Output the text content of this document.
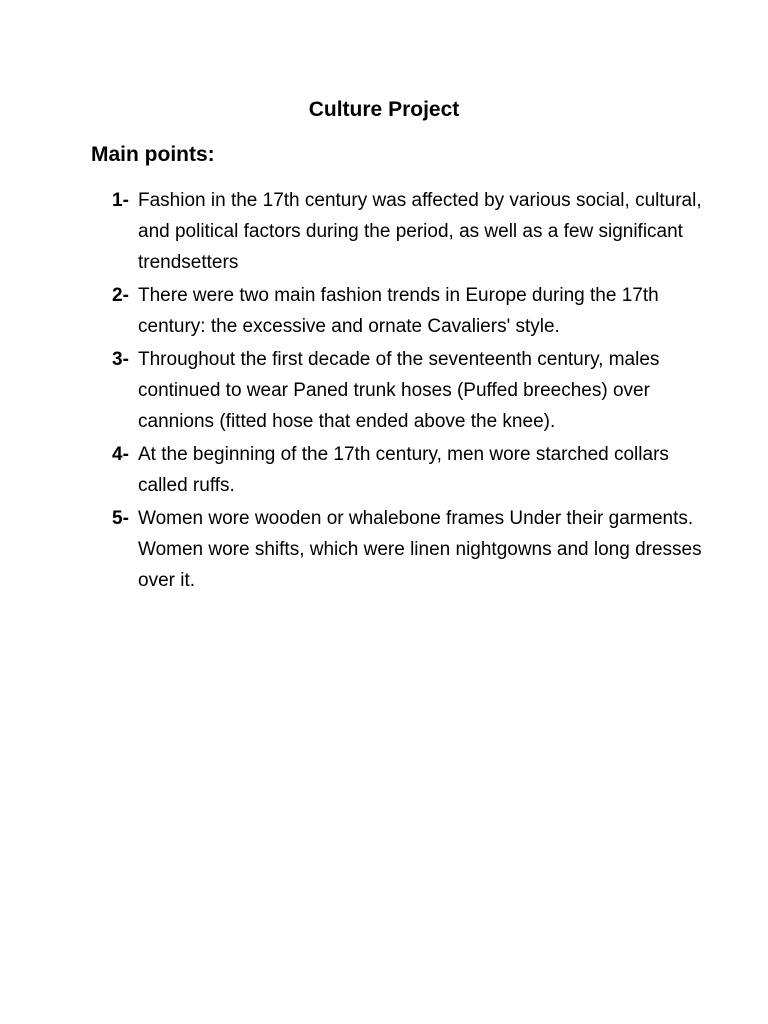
Culture Project
Main points:
1- Fashion in the 17th century was affected by various social, cultural, and political factors during the period, as well as a few significant trendsetters
2- There were two main fashion trends in Europe during the 17th century: the excessive and ornate Cavaliers' style.
3- Throughout the first decade of the seventeenth century, males continued to wear Paned trunk hoses (Puffed breeches) over cannions (fitted hose that ended above the knee).
4- At the beginning of the 17th century, men wore starched collars called ruffs.
5- Women wore wooden or whalebone frames Under their garments. Women wore shifts, which were linen nightgowns and long dresses over it.
